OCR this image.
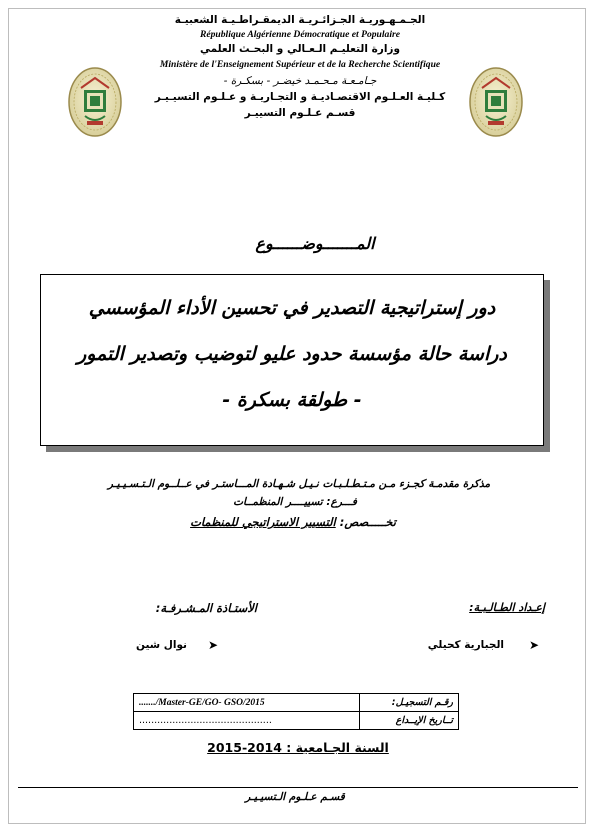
الجـمـهـوريـة الجـزائـريـة الديمقـراطـيـة الشعبيـة
République Algérienne Démocratique et Populaire
وزارة التعليـم الـعـالي و البحـث العلمي
Ministère de l'Enseignement Supérieur et de la Recherche Scientifique
جـامـعـة مـحـمـد خيضـر - بسكـرة -
كـليـة العـلـوم الاقتصـاديـة و التجـاريـة و عـلـوم التسيـيـر
قسـم عـلـوم التسييـر
المـــــــوضــــــوع
دور إستراتيجية التصدير في تحسين الأداء المؤسسي
دراسة حالة مؤسسة حدود عليو لتوضيب وتصدير التمور
- طولقة بسكرة -
مذكرة مقدمـة كجـزء مـن مـتـطـلـبـات نـيـل شـهـادة المـــاستـر في عــلــوم الـتـسـيـيـر
فـــرع: تسييــــر المنظمــات
تخـــــصص: التسيير الاستراتيجي للمنظمات
إعـداد الطـالـبـة:
الأستـاذة المـشـرفـة:
➤
الجبارية كحيلي
➤
نوال شين
......./Master-GE/GO- GSO/2015	رقـم التسجيـل:
............................................	تــاريخ الإيــداع
السنة الجـامعية : 2014-2015
قسـم عـلـوم الـتسيـيـر
